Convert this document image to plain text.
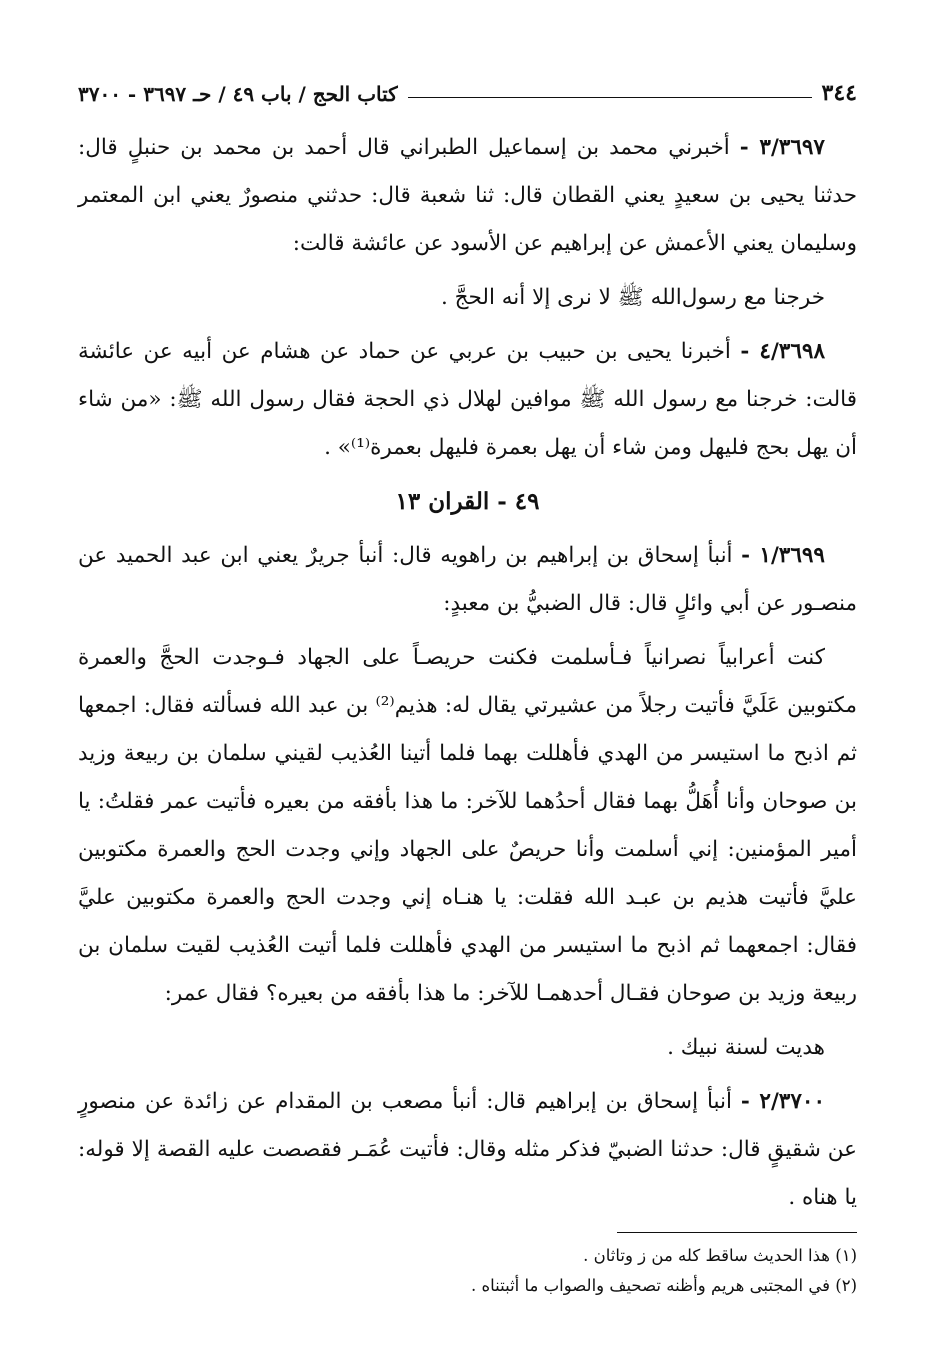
٣٤٤
كتاب الحج / باب ٤٩ / حـ ٣٦٩٧ - ٣٧٠٠

٣/٣٦٩٧ - أخبرني محمد بن إسماعيل الطبراني قال أحمد بن محمد بن حنبلٍ قال: حدثنا يحيى بن سعيدٍ يعني القطان قال: ثنا شعبة قال: حدثني منصورٌ يعني ابن المعتمر وسليمان يعني الأعمش عن إبراهيم عن الأسود عن عائشة قالت:

خرجنا مع رسول‌الله ﷺ لا نرى إلا أنه الحجَّ .

٤/٣٦٩٨ - أخبرنا يحيى بن حبيب بن عربي عن حماد عن هشام عن أبيه عن عائشة قالت: خرجنا مع رسول الله ﷺ موافين لهلال ذي الحجة فقال رسول الله ﷺ: «من شاء أن يهل بحج فليهل ومن شاء أن يهل بعمرة فليهل بعمرة⁽¹⁾» .

٤٩ - القران ١٣

١/٣٦٩٩ - أنبأ إسحاق بن إبراهيم بن راهويه قال: أنبأ جريرٌ يعني ابن عبد الحميد عن منصـور عن أبي وائلٍ قال: قال الضبيُّ بن معبدٍ:

كنت أعرابياً نصرانياً فـأسلمت فكنت حريصـاً على الجهاد فـوجدت الحجَّ والعمرة مكتوبين عَلَيَّ فأتيت رجلاً من عشيرتي يقال له: هذيم⁽²⁾ بن عبد الله فسألته فقال: اجمعها ثم اذبح ما استيسر من الهدي فأهللت بهما فلما أتينا العُذيب لقيني سلمان بن ربيعة وزيد بن صوحان وأنا أُهَلُّ بهما فقال أحدُهما للآخر: ما هذا بأفقه من بعيره فأتيت عمر فقلتُ: يا أمير المؤمنين: إني أسلمت وأنا حريصٌ على الجهاد وإني وجدت الحج والعمرة مكتوبين عليَّ فأتيت هذيم بن عبـد الله فقلت: يا هنـاه إني وجدت الحج والعمرة مكتوبين عليَّ فقال: اجمعهما ثم اذبح ما استيسر من الهدي فأهللت فلما أتيت العُذيب لقيت سلمان بن ربيعة وزيد بن صوحان فقـال أحدهمـا للآخر: ما هذا بأفقه من بعيره؟ فقال عمر:

هديت لسنة نبيك .

٢/٣٧٠٠ - أنبأ إسحاق بن إبراهيم قال: أنبأ مصعب بن المقدام عن زائدة عن منصورٍ عن شقيقٍ قال: حدثنا الضبيّ فذكر مثله وقال: فأتيت عُمَـر فقصصت عليه القصة إلا قوله: يا هناه .

(١) هذا الحديث ساقط كله من ز وتاثان .

(٢) في المجتبى هريم وأظنه تصحيف والصواب ما أثبتناه .
